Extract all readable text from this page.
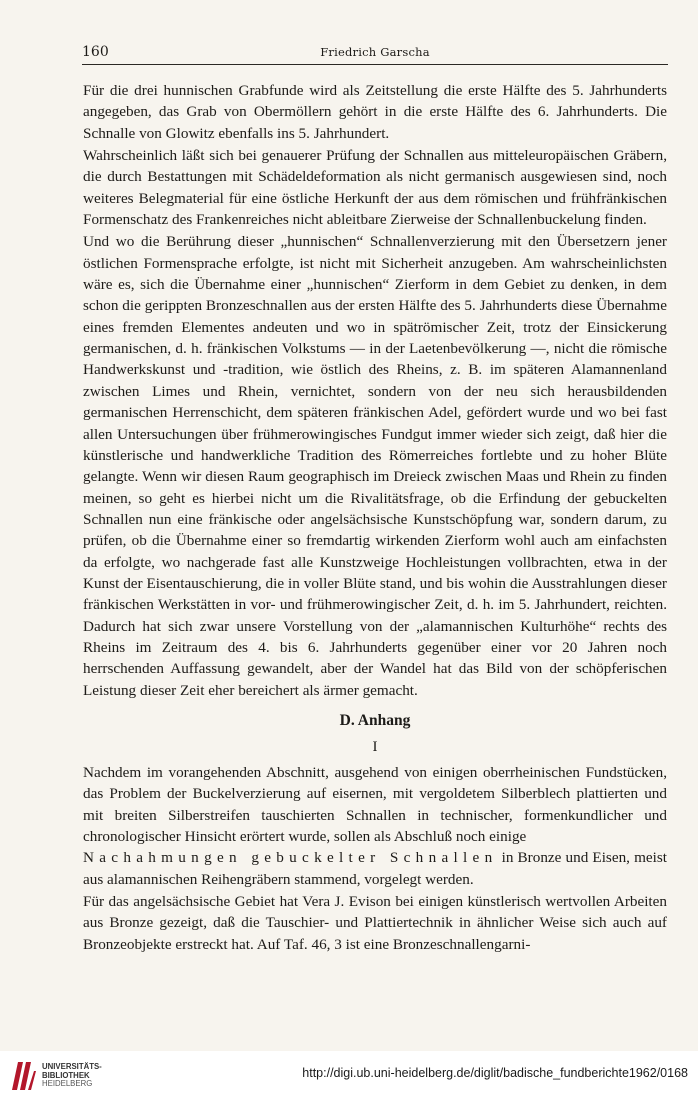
160	Friedrich Garscha

Für die drei hunnischen Grabfunde wird als Zeitstellung die erste Hälfte des 5. Jahrhunderts angegeben, das Grab von Obermöllern gehört in die erste Hälfte des 6. Jahrhunderts. Die Schnalle von Glowitz ebenfalls ins 5. Jahrhundert.

Wahrscheinlich läßt sich bei genauerer Prüfung der Schnallen aus mitteleuropäischen Gräbern, die durch Bestattungen mit Schädeldeformation als nicht germanisch ausgewiesen sind, noch weiteres Belegmaterial für eine östliche Herkunft der aus dem römischen und frühfränkischen Formenschatz des Frankenreiches nicht ableitbare Zierweise der Schnallenbuckelung finden.

Und wo die Berührung dieser „hunnischen“ Schnallenverzierung mit den Übersetzern jener östlichen Formensprache erfolgte, ist nicht mit Sicherheit anzugeben. Am wahrscheinlichsten wäre es, sich die Übernahme einer „hunnischen“ Zierform in dem Gebiet zu denken, in dem schon die gerippten Bronzeschnallen aus der ersten Hälfte des 5. Jahrhunderts diese Übernahme eines fremden Elementes andeuten und wo in spätrömischer Zeit, trotz der Einsickerung germanischen, d. h. fränkischen Volkstums — in der Laetenbevölkerung —, nicht die römische Handwerkskunst und -tradition, wie östlich des Rheins, z. B. im späteren Alamannenland zwischen Limes und Rhein, vernichtet, sondern von der neu sich herausbildenden germanischen Herrenschicht, dem späteren fränkischen Adel, gefördert wurde und wo bei fast allen Untersuchungen über frühmerowingisches Fundgut immer wieder sich zeigt, daß hier die künstlerische und handwerkliche Tradition des Römerreiches fortlebte und zu hoher Blüte gelangte. Wenn wir diesen Raum geographisch im Dreieck zwischen Maas und Rhein zu finden meinen, so geht es hierbei nicht um die Rivalitätsfrage, ob die Erfindung der gebuckelten Schnallen nun eine fränkische oder angelsächsische Kunstschöpfung war, sondern darum, zu prüfen, ob die Übernahme einer so fremdartig wirkenden Zierform wohl auch am einfachsten da erfolgte, wo nachgerade fast alle Kunstzweige Hochleistungen vollbrachten, etwa in der Kunst der Eisentauschierung, die in voller Blüte stand, und bis wohin die Ausstrahlungen dieser fränkischen Werkstätten in vor- und frühmerowingischer Zeit, d. h. im 5. Jahrhundert, reichten. Dadurch hat sich zwar unsere Vorstellung von der „alamannischen Kulturhöhe“ rechts des Rheins im Zeitraum des 4. bis 6. Jahrhunderts gegenüber einer vor 20 Jahren noch herrschenden Auffassung gewandelt, aber der Wandel hat das Bild von der schöpferischen Leistung dieser Zeit eher bereichert als ärmer gemacht.

D. Anhang
I

Nachdem im vorangehenden Abschnitt, ausgehend von einigen oberrheinischen Fundstücken, das Problem der Buckelverzierung auf eisernen, mit vergoldetem Silberblech plattierten und mit breiten Silberstreifen tauschierten Schnallen in technischer, formenkundlicher und chronologischer Hinsicht erörtert wurde, sollen als Abschluß noch einige
Nachahmungen gebuckelter Schnallen in Bronze und Eisen, meist aus alamannischen Reihengräbern stammend, vorgelegt werden.

Für das angelsächsische Gebiet hat Vera J. Evison bei einigen künstlerisch wertvollen Arbeiten aus Bronze gezeigt, daß die Tauschier- und Plattiertechnik in ähnlicher Weise sich auch auf Bronzeobjekte erstreckt hat. Auf Taf. 46, 3 ist eine Bronzeschnallengarni-

UNIVERSITÄTS-
BIBLIOTHEK
HEIDELBERG
http://digi.ub.uni-heidelberg.de/diglit/badische_fundberichte1962/0168
